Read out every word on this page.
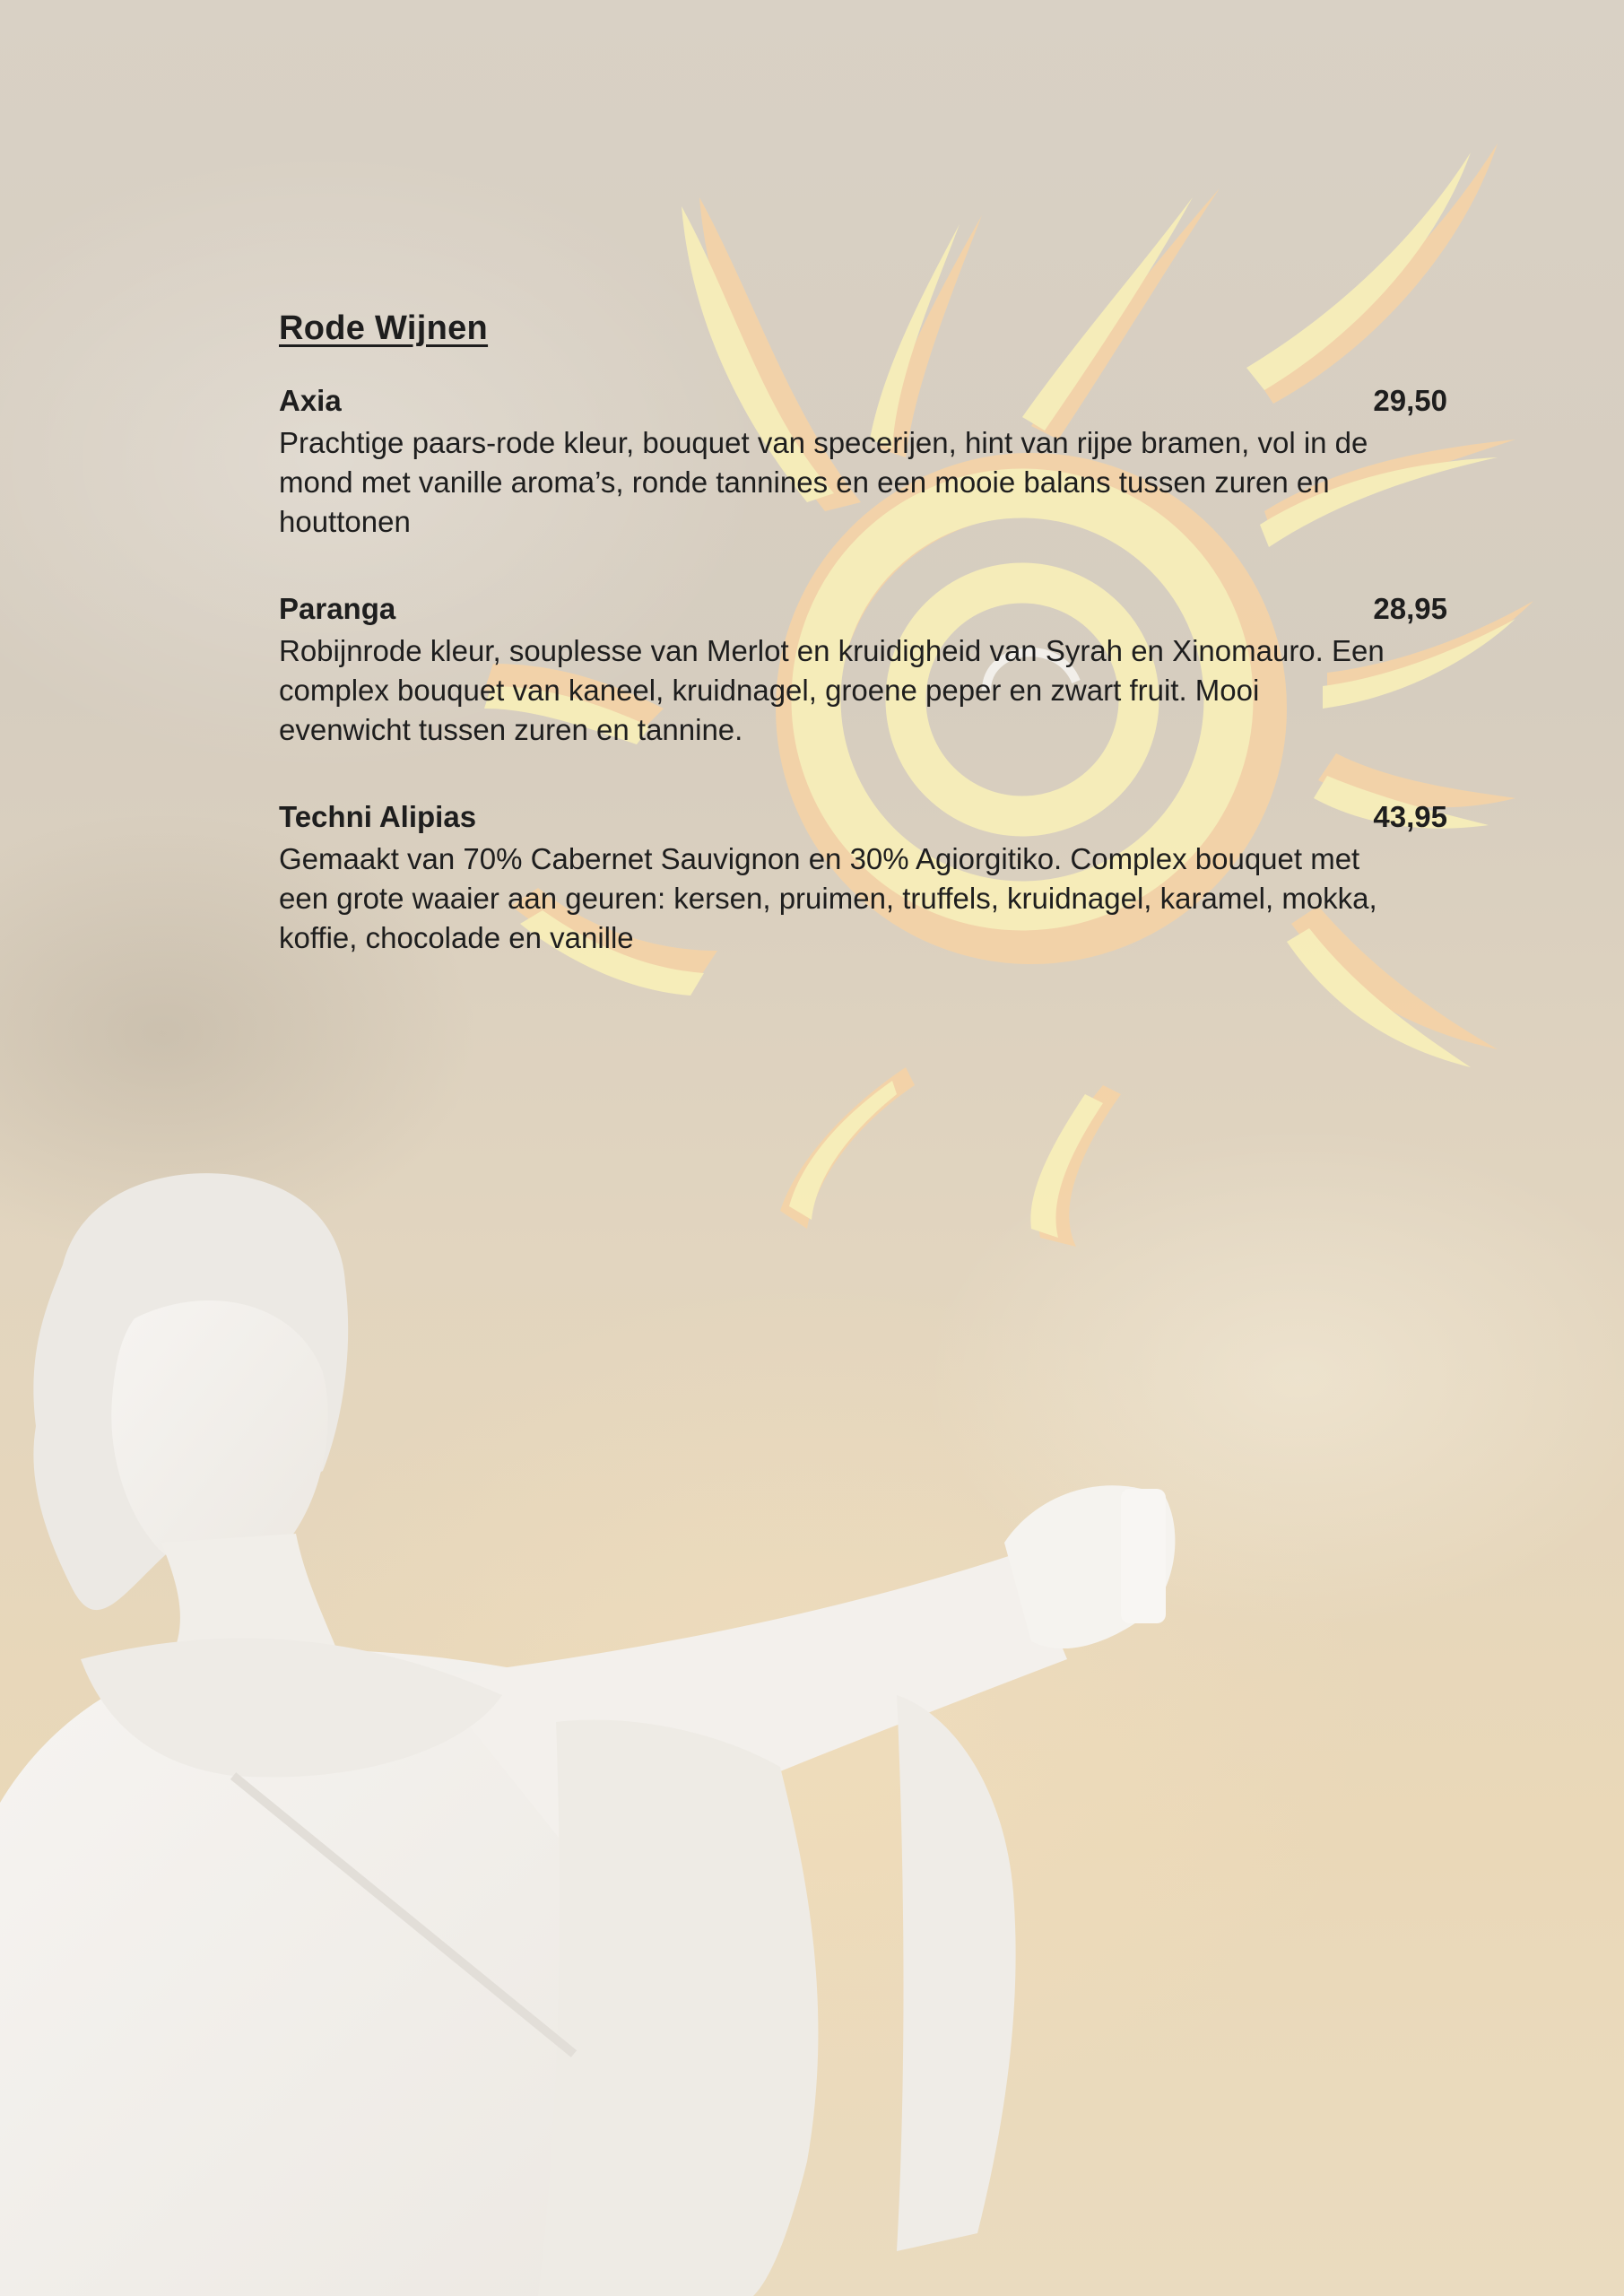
Rode Wijnen
Axia	29,50
Prachtige paars-rode kleur, bouquet van specerijen, hint van rijpe bramen, vol in de mond met vanille aroma’s, ronde tannines en een mooie balans tussen zuren en houttonen
Paranga	28,95
Robijnrode kleur, souplesse van Merlot en kruidigheid van Syrah en Xinomauro. Een complex bouquet van kaneel, kruidnagel, groene peper en zwart fruit. Mooi evenwicht tussen zuren en tannine.
Techni Alipias	43,95
Gemaakt van 70% Cabernet Sauvignon en 30% Agiorgitiko. Complex bouquet met een grote waaier aan geuren: kersen, pruimen, truffels, kruidnagel, karamel, mokka, koffie, chocolade en vanille
